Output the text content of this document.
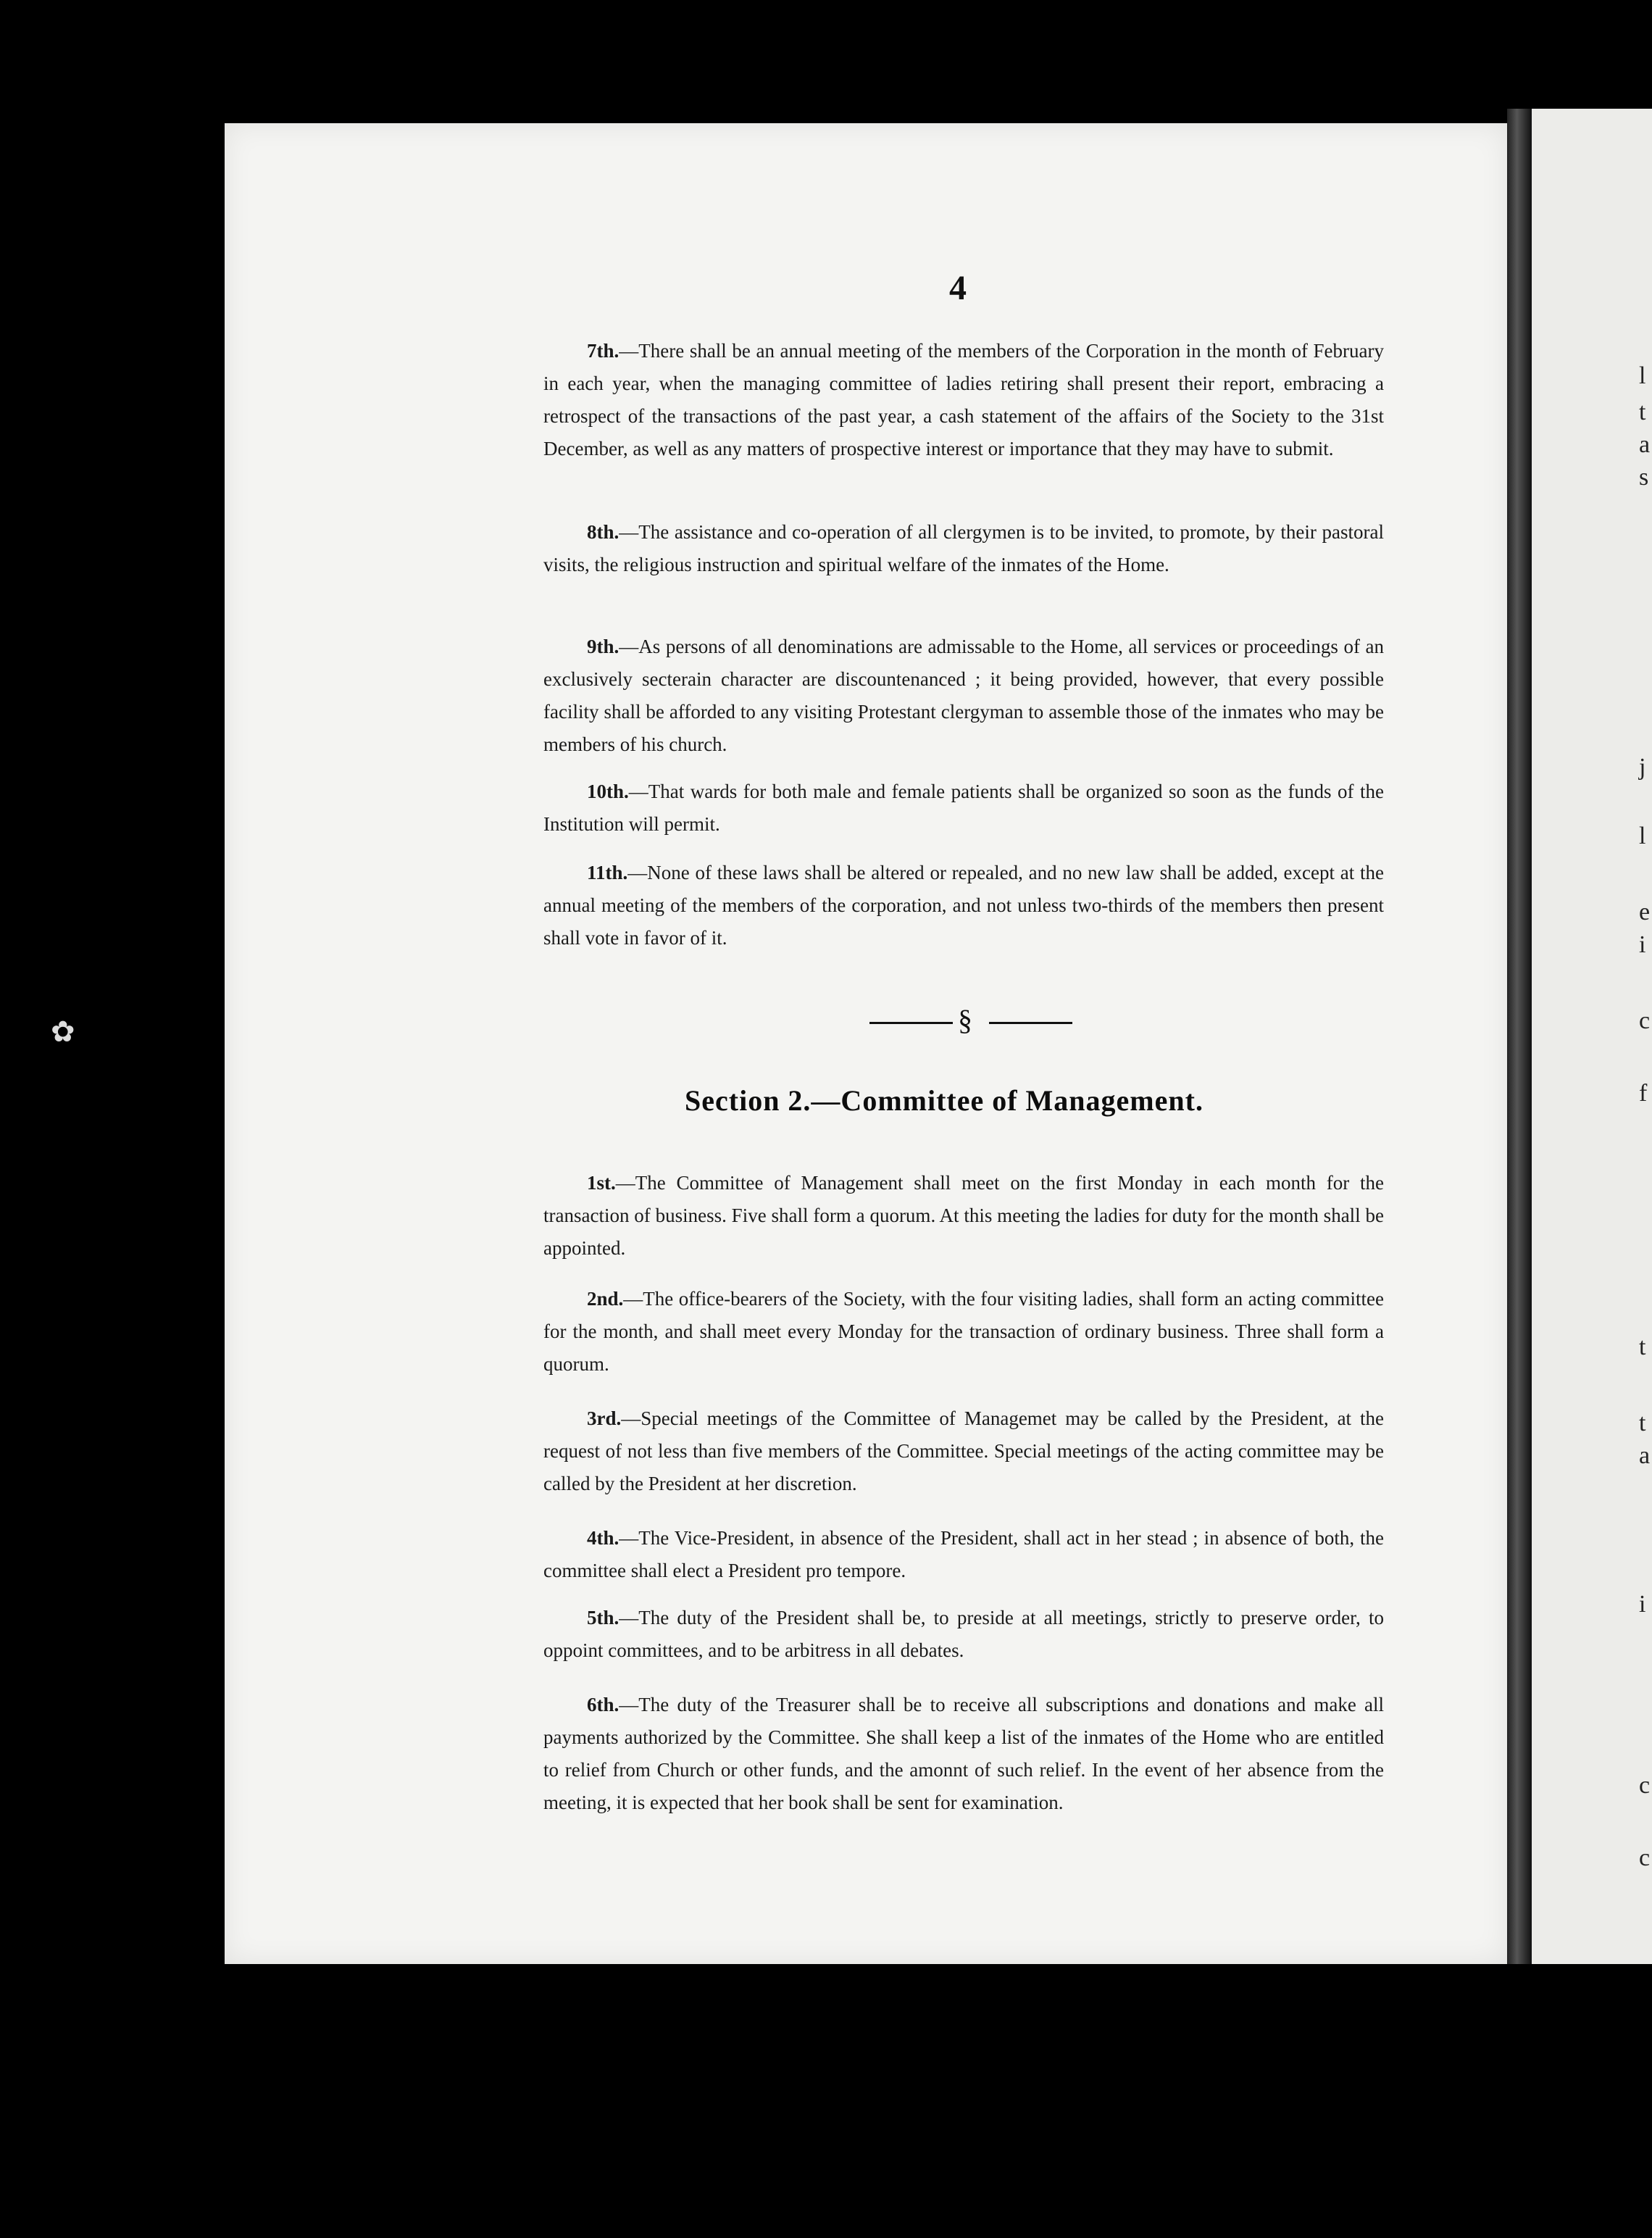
l
t
a
s
j
l
e
i
c
f
t
t
a
i
c
c
✿
4

7th.—There shall be an annual meeting of the members of the Corporation in the month of February in each year, when the managing committee of ladies retiring shall present their report, embracing a retrospect of the transactions of the past year, a cash statement of the affairs of the Society to the 31st December, as well as any matters of prospective interest or importance that they may have to submit.

8th.—The assistance and co-operation of all clergymen is to be invited, to promote, by their pastoral visits, the religious instruction and spiritual welfare of the inmates of the Home.

9th.—As persons of all denominations are admissable to the Home, all services or proceedings of an exclusively secterain character are discountenanced ; it being provided, however, that every possible facility shall be afforded to any visiting Protestant clergyman to assemble those of the inmates who may be members of his church.

10th.—That wards for both male and female patients shall be organized so soon as the funds of the Institution will permit.

11th.—None of these laws shall be altered or repealed, and no new law shall be added, except at the annual meeting of the members of the corporation, and not unless two-thirds of the members then present shall vote in favor of it.

§
Section 2.—Committee of Management.

1st.—The Committee of Management shall meet on the first Monday in each month for the transaction of business. Five shall form a quorum. At this meeting the ladies for duty for the month shall be appointed.

2nd.—The office-bearers of the Society, with the four visiting ladies, shall form an acting committee for the month, and shall meet every Monday for the transaction of ordinary business. Three shall form a quorum.

3rd.—Special meetings of the Committee of Managemet may be called by the President, at the request of not less than five members of the Committee. Special meetings of the acting committee may be called by the President at her discretion.

4th.—The Vice-President, in absence of the President, shall act in her stead ; in absence of both, the committee shall elect a President pro tempore.

5th.—The duty of the President shall be, to preside at all meetings, strictly to preserve order, to oppoint committees, and to be arbitress in all debates.

6th.—The duty of the Treasurer shall be to receive all subscriptions and donations and make all payments authorized by the Committee. She shall keep a list of the inmates of the Home who are entitled to relief from Church or other funds, and the amonnt of such relief. In the event of her absence from the meeting, it is expected that her book shall be sent for examination.
